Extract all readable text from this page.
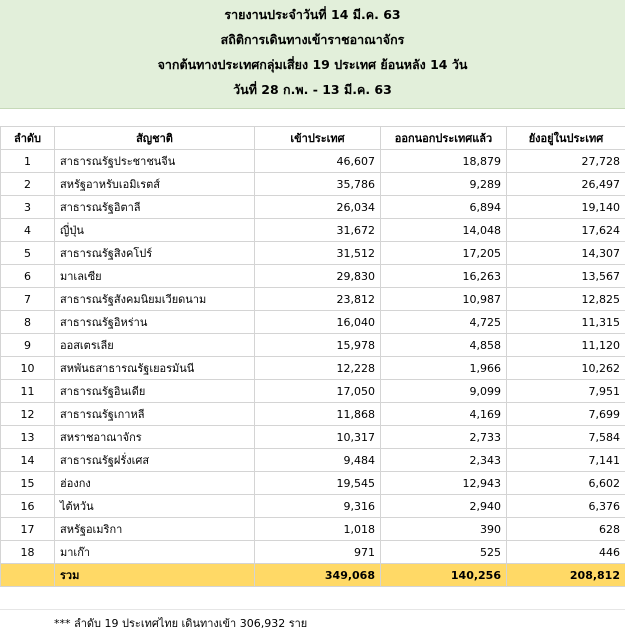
รายงานประจำวันที่ 14 มี.ค. 63
สถิติการเดินทางเข้าราชอาณาจักร
จากต้นทางประเทศกลุ่มเสี่ยง 19 ประเทศ ย้อนหลัง 14 วัน
วันที่ 28 ก.พ. - 13 มี.ค. 63
ลำดับ	สัญชาติ	เข้าประเทศ	ออกนอกประเทศแล้ว	ยังอยู่ในประเทศ
1	สาธารณรัฐประชาชนจีน	46,607	18,879	27,728
2	สหรัฐอาหรับเอมิเรตส์	35,786	9,289	26,497
3	สาธารณรัฐอิตาลี	26,034	6,894	19,140
4	ญี่ปุ่น	31,672	14,048	17,624
5	สาธารณรัฐสิงคโปร์	31,512	17,205	14,307
6	มาเลเซีย	29,830	16,263	13,567
7	สาธารณรัฐสังคมนิยมเวียดนาม	23,812	10,987	12,825
8	สาธารณรัฐอิหร่าน	16,040	4,725	11,315
9	ออสเตรเลีย	15,978	4,858	11,120
10	สหพันธสาธารณรัฐเยอรมันนี	12,228	1,966	10,262
11	สาธารณรัฐอินเดีย	17,050	9,099	7,951
12	สาธารณรัฐเกาหลี	11,868	4,169	7,699
13	สหราชอาณาจักร	10,317	2,733	7,584
14	สาธารณรัฐฝรั่งเศส	9,484	2,343	7,141
15	ฮ่องกง	19,545	12,943	6,602
16	ไต้หวัน	9,316	2,940	6,376
17	สหรัฐอเมริกา	1,018	390	628
18	มาเก๊า	971	525	446
	รวม	349,068	140,256	208,812
*** ลำดับ 19 ประเทศไทย เดินทางเข้า 306,932 ราย
